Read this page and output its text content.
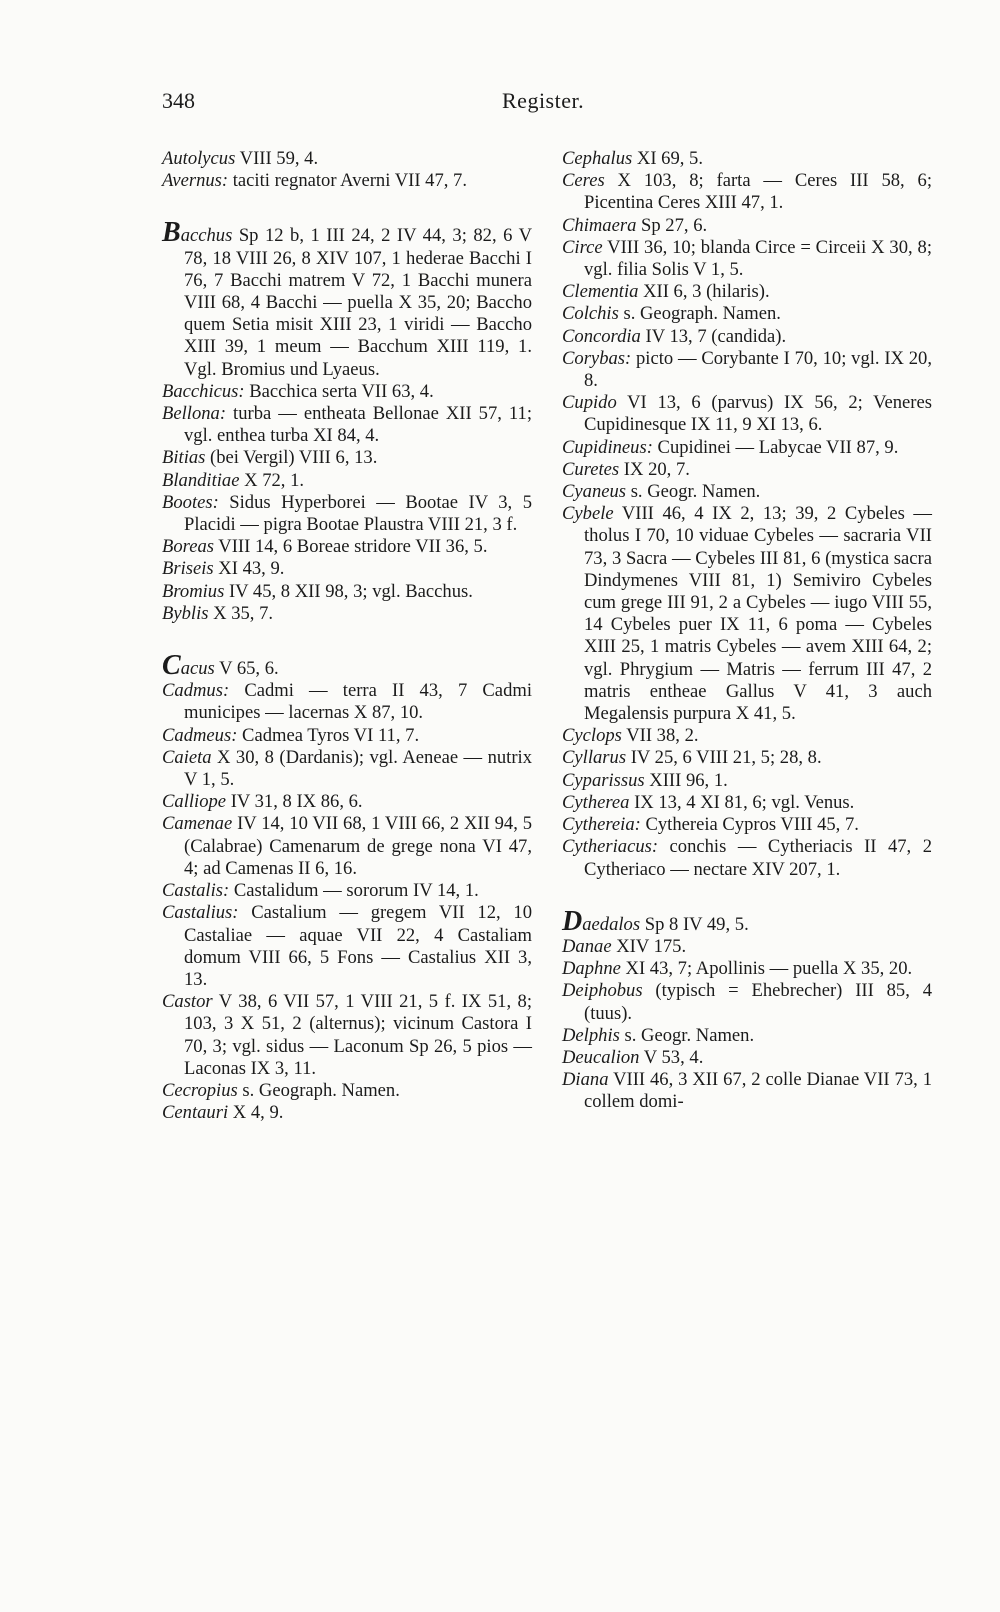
348	Register.

Autolycus VIII 59, 4.

Avernus: taciti regnator Averni VII 47, 7.

Bacchus Sp 12 b, 1 III 24, 2 IV 44, 3; 82, 6 V 78, 18 VIII 26, 8 XIV 107, 1 hederae Bacchi I 76, 7 Bacchi matrem V 72, 1 Bacchi munera VIII 68, 4 Bacchi — puella X 35, 20; Baccho quem Setia misit XIII 23, 1 viridi — Baccho XIII 39, 1 meum — Bacchum XIII 119, 1. Vgl. Bromius und Lyaeus.

Bacchicus: Bacchica serta VII 63, 4.

Bellona: turba — entheata Bellonae XII 57, 11; vgl. enthea turba XI 84, 4.

Bitias (bei Vergil) VIII 6, 13.

Blanditiae X 72, 1.

Bootes: Sidus Hyperborei — Bootae IV 3, 5 Placidi — pigra Bootae Plaustra VIII 21, 3 f.

Boreas VIII 14, 6 Boreae stridore VII 36, 5.

Briseis XI 43, 9.

Bromius IV 45, 8 XII 98, 3; vgl. Bacchus.

Byblis X 35, 7.

Cacus V 65, 6.

Cadmus: Cadmi — terra II 43, 7 Cadmi municipes — lacernas X 87, 10.

Cadmeus: Cadmea Tyros VI 11, 7.

Caieta X 30, 8 (Dardanis); vgl. Aeneae — nutrix V 1, 5.

Calliope IV 31, 8 IX 86, 6.

Camenae IV 14, 10 VII 68, 1 VIII 66, 2 XII 94, 5 (Calabrae) Camenarum de grege nona VI 47, 4; ad Camenas II 6, 16.

Castalis: Castalidum — sororum IV 14, 1.

Castalius: Castalium — gregem VII 12, 10 Castaliae — aquae VII 22, 4 Castaliam domum VIII 66, 5 Fons — Castalius XII 3, 13.

Castor V 38, 6 VII 57, 1 VIII 21, 5 f. IX 51, 8; 103, 3 X 51, 2 (alternus); vicinum Castora I 70, 3; vgl. sidus — Laconum Sp 26, 5 pios — Laconas IX 3, 11.

Cecropius s. Geograph. Namen.

Centauri X 4, 9.

Cephalus XI 69, 5.

Ceres X 103, 8; farta — Ceres III 58, 6; Picentina Ceres XIII 47, 1.

Chimaera Sp 27, 6.

Circe VIII 36, 10; blanda Circe = Circeii X 30, 8; vgl. filia Solis V 1, 5.

Clementia XII 6, 3 (hilaris).

Colchis s. Geograph. Namen.

Concordia IV 13, 7 (candida).

Corybas: picto — Corybante I 70, 10; vgl. IX 20, 8.

Cupido VI 13, 6 (parvus) IX 56, 2; Veneres Cupidinesque IX 11, 9 XI 13, 6.

Cupidineus: Cupidinei — Labycae VII 87, 9.

Curetes IX 20, 7.

Cyaneus s. Geogr. Namen.

Cybele VIII 46, 4 IX 2, 13; 39, 2 Cybeles — tholus I 70, 10 viduae Cybeles — sacraria VII 73, 3 Sacra — Cybeles III 81, 6 (mystica sacra Dindymenes VIII 81, 1) Semiviro Cybeles cum grege III 91, 2 a Cybeles — iugo VIII 55, 14 Cybeles puer IX 11, 6 poma — Cybeles XIII 25, 1 matris Cybeles — avem XIII 64, 2; vgl. Phrygium — Matris — ferrum III 47, 2 matris entheae Gallus V 41, 3 auch Megalensis purpura X 41, 5.

Cyclops VII 38, 2.

Cyllarus IV 25, 6 VIII 21, 5; 28, 8.

Cyparissus XIII 96, 1.

Cytherea IX 13, 4 XI 81, 6; vgl. Venus.

Cythereia: Cythereia Cypros VIII 45, 7.

Cytheriacus: conchis — Cytheriacis II 47, 2 Cytheriaco — nectare XIV 207, 1.

Daedalos Sp 8 IV 49, 5.

Danae XIV 175.

Daphne XI 43, 7; Apollinis — puella X 35, 20.

Deiphobus (typisch = Ehebrecher) III 85, 4 (tuus).

Delphis s. Geogr. Namen.

Deucalion V 53, 4.

Diana VIII 46, 3 XII 67, 2 colle Dianae VII 73, 1 collem domi-
